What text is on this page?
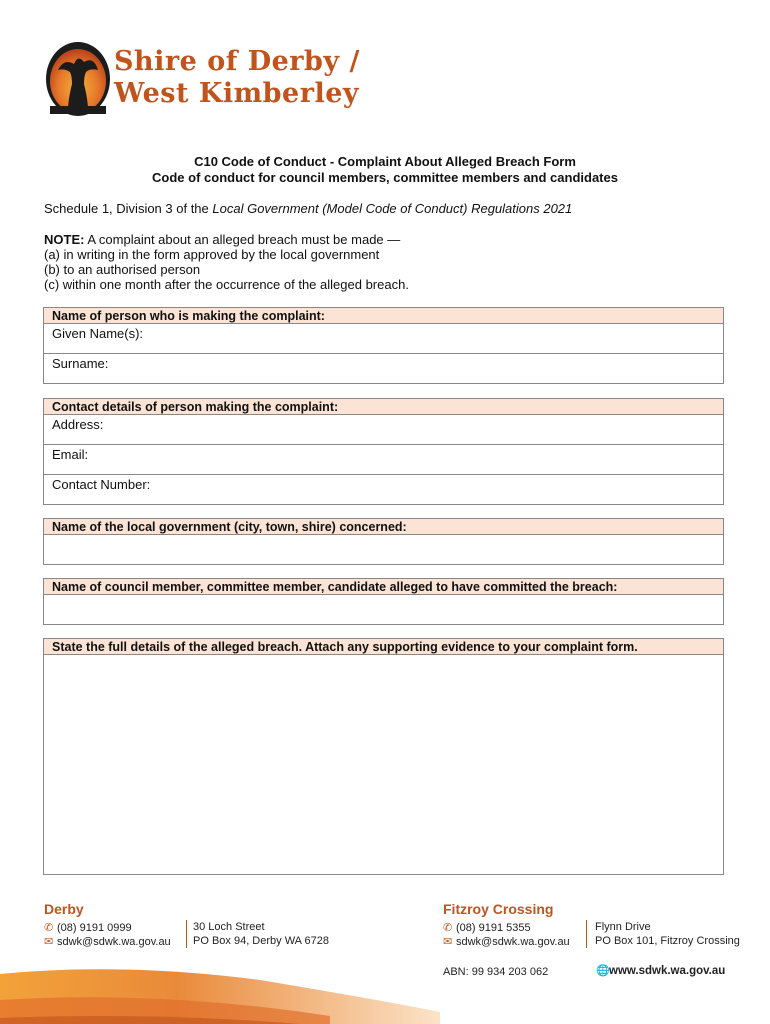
Shire of Derby /
West Kimberley
C10 Code of Conduct - Complaint About Alleged Breach Form
Code of conduct for council members, committee members and candidates
Schedule 1, Division 3 of the Local Government (Model Code of Conduct) Regulations 2021
NOTE: A complaint about an alleged breach must be made —
(a) in writing in the form approved by the local government
(b) to an authorised person
(c) within one month after the occurrence of the alleged breach.
Name of person who is making the complaint:
Given Name(s):
Surname:
Contact details of person making the complaint:
Address:
Email:
Contact Number:
Name of the local government (city, town, shire) concerned:
Name of council member, committee member, candidate alleged to have committed the breach:
State the full details of the alleged breach. Attach any supporting evidence to your complaint form.
Derby
✆ (08) 9191 0999
✉ sdwk@sdwk.wa.gov.au
30 Loch Street
PO Box 94, Derby WA 6728
Fitzroy Crossing
✆ (08) 9191 5355
✉ sdwk@sdwk.wa.gov.au
Flynn Drive
PO Box 101, Fitzroy Crossing
ABN: 99 934 203 062	🌐www.sdwk.wa.gov.au
